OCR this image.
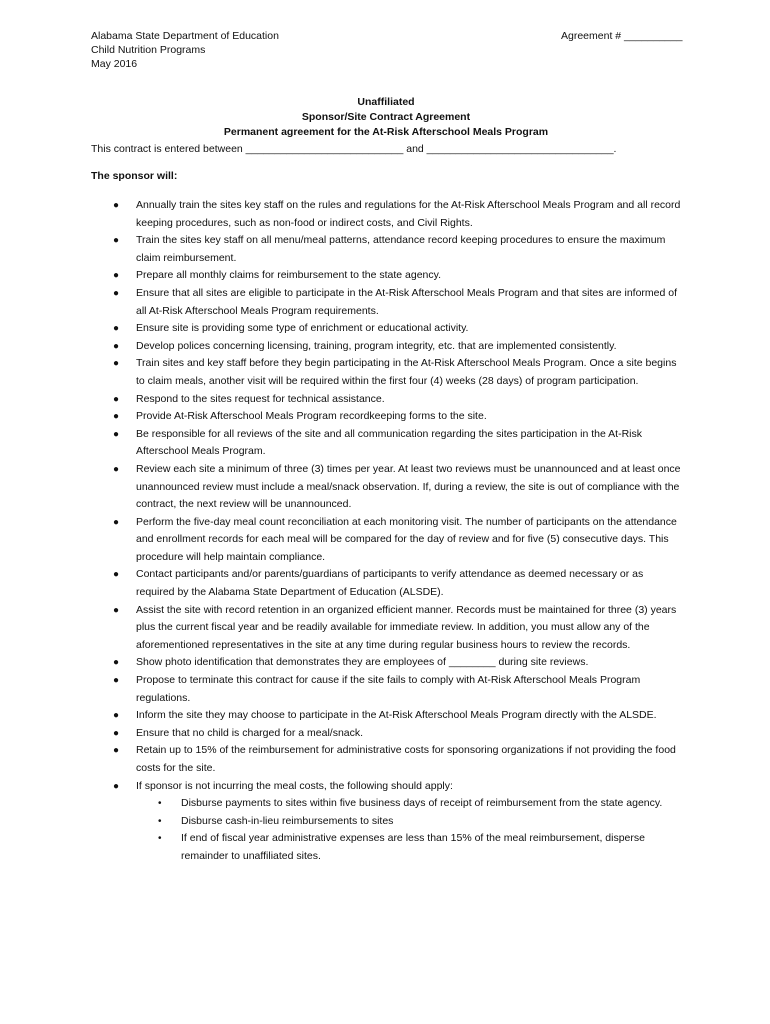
Alabama State Department of Education
Child Nutrition Programs
May 2016
Agreement # __________
Unaffiliated
Sponsor/Site Contract Agreement
Permanent agreement for the At-Risk Afterschool Meals Program
This contract is entered between ___________________________ and ________________________________.
The sponsor will:
● Annually train the sites key staff on the rules and regulations for the At-Risk Afterschool Meals Program and all record keeping procedures, such as non-food or indirect costs, and Civil Rights.
● Train the sites key staff on all menu/meal patterns, attendance record keeping procedures to ensure the maximum claim reimbursement.
● Prepare all monthly claims for reimbursement to the state agency.
● Ensure that all sites are eligible to participate in the At-Risk Afterschool Meals Program and that sites are informed of all At-Risk Afterschool Meals Program requirements.
● Ensure site is providing some type of enrichment or educational activity.
● Develop polices concerning licensing, training, program integrity, etc. that are implemented consistently.
● Train sites and key staff before they begin participating in the At-Risk Afterschool Meals Program. Once a site begins to claim meals, another visit will be required within the first four (4) weeks (28 days) of program participation.
● Respond to the sites request for technical assistance.
● Provide At-Risk Afterschool Meals Program recordkeeping forms to the site.
● Be responsible for all reviews of the site and all communication regarding the sites participation in the At-Risk Afterschool Meals Program.
● Review each site a minimum of three (3) times per year. At least two reviews must be unannounced and at least once unannounced review must include a meal/snack observation. If, during a review, the site is out of compliance with the contract, the next review will be unannounced.
● Perform the five-day meal count reconciliation at each monitoring visit. The number of participants on the attendance and enrollment records for each meal will be compared for the day of review and for five (5) consecutive days. This procedure will help maintain compliance.
● Contact participants and/or parents/guardians of participants to verify attendance as deemed necessary or as required by the Alabama State Department of Education (ALSDE).
● Assist the site with record retention in an organized efficient manner. Records must be maintained for three (3) years plus the current fiscal year and be readily available for immediate review. In addition, you must allow any of the aforementioned representatives in the site at any time during regular business hours to review the records.
● Show photo identification that demonstrates they are employees of ________ during site reviews.
● Propose to terminate this contract for cause if the site fails to comply with At-Risk Afterschool Meals Program regulations.
● Inform the site they may choose to participate in the At-Risk Afterschool Meals Program directly with the ALSDE.
● Ensure that no child is charged for a meal/snack.
● Retain up to 15% of the reimbursement for administrative costs for sponsoring organizations if not providing the food costs for the site.
● If sponsor is not incurring the meal costs, the following should apply:
• Disburse payments to sites within five business days of receipt of reimbursement from the state agency.
• Disburse cash-in-lieu reimbursements to sites
• If end of fiscal year administrative expenses are less than 15% of the meal reimbursement, disperse remainder to unaffiliated sites.
